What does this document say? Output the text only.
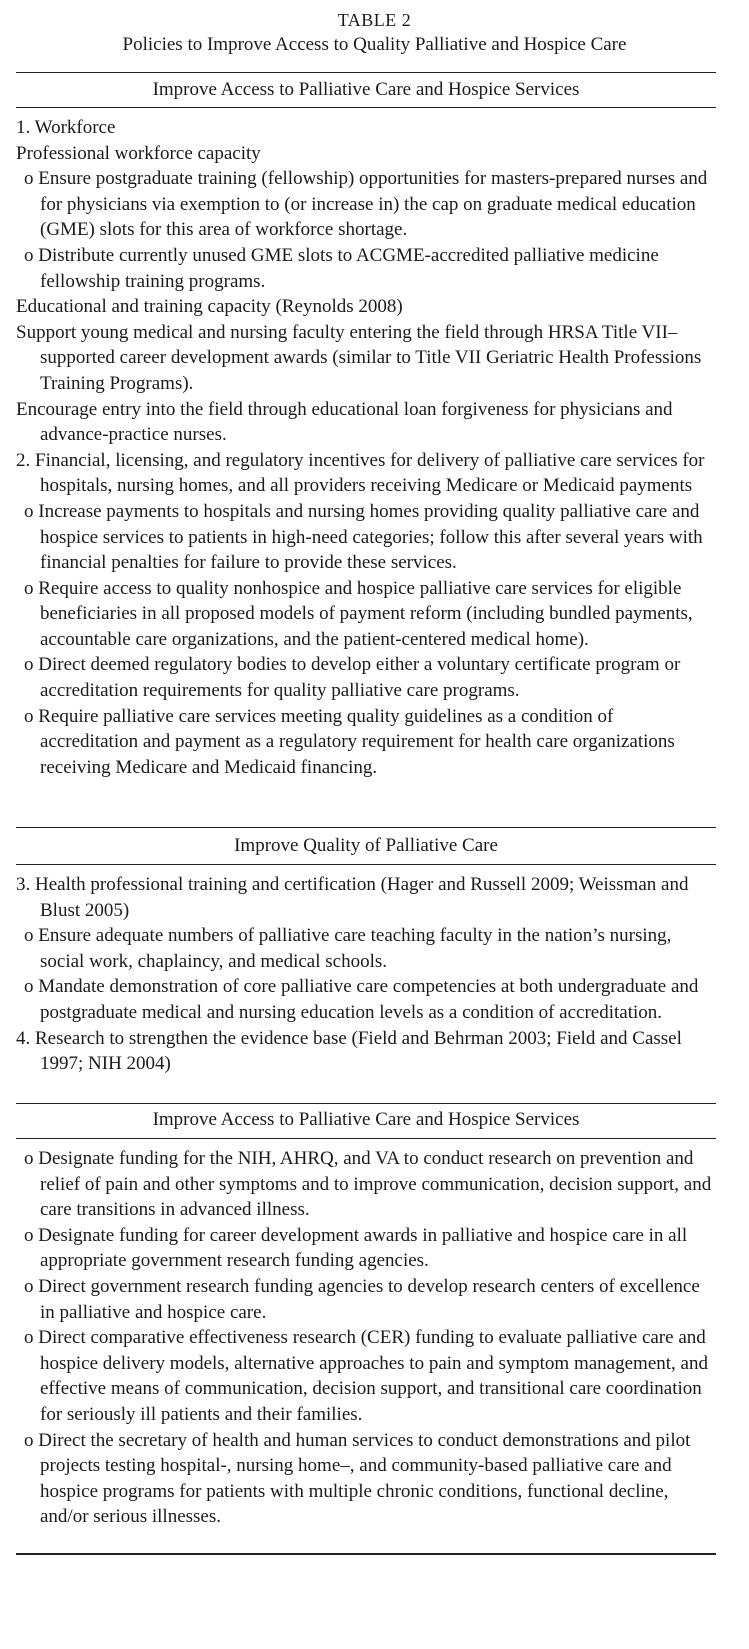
TABLE 2
Policies to Improve Access to Quality Palliative and Hospice Care
Improve Access to Palliative Care and Hospice Services

1. Workforce

Professional workforce capacity

o Ensure postgraduate training (fellowship) opportunities for masters-prepared nurses and for physicians via exemption to (or increase in) the cap on graduate medical education (GME) slots for this area of workforce shortage.

o Distribute currently unused GME slots to ACGME-accredited palliative medicine fellowship training programs.

Educational and training capacity (Reynolds 2008)

Support young medical and nursing faculty entering the field through HRSA Title VII–supported career development awards (similar to Title VII Geriatric Health Professions Training Programs).

Encourage entry into the field through educational loan forgiveness for physicians and advance-practice nurses.

2. Financial, licensing, and regulatory incentives for delivery of palliative care services for hospitals, nursing homes, and all providers receiving Medicare or Medicaid payments

o Increase payments to hospitals and nursing homes providing quality palliative care and hospice services to patients in high-need categories; follow this after several years with financial penalties for failure to provide these services.

o Require access to quality nonhospice and hospice palliative care services for eligible beneficiaries in all proposed models of payment reform (including bundled payments, accountable care organizations, and the patient-centered medical home).

o Direct deemed regulatory bodies to develop either a voluntary certificate program or accreditation requirements for quality palliative care programs.

o Require palliative care services meeting quality guidelines as a condition of accreditation and payment as a regulatory requirement for health care organizations receiving Medicare and Medicaid financing.

Improve Quality of Palliative Care

3. Health professional training and certification (Hager and Russell 2009; Weissman and Blust 2005)

o Ensure adequate numbers of palliative care teaching faculty in the nation’s nursing, social work, chaplaincy, and medical schools.

o Mandate demonstration of core palliative care competencies at both undergraduate and postgraduate medical and nursing education levels as a condition of accreditation.

4. Research to strengthen the evidence base (Field and Behrman 2003; Field and Cassel 1997; NIH 2004)

Improve Access to Palliative Care and Hospice Services

o Designate funding for the NIH, AHRQ, and VA to conduct research on prevention and relief of pain and other symptoms and to improve communication, decision support, and care transitions in advanced illness.

o Designate funding for career development awards in palliative and hospice care in all appropriate government research funding agencies.

o Direct government research funding agencies to develop research centers of excellence in palliative and hospice care.

o Direct comparative effectiveness research (CER) funding to evaluate palliative care and hospice delivery models, alternative approaches to pain and symptom management, and effective means of communication, decision support, and transitional care coordination for seriously ill patients and their families.

o Direct the secretary of health and human services to conduct demonstrations and pilot projects testing hospital-, nursing home–, and community-based palliative care and hospice programs for patients with multiple chronic conditions, functional decline, and/or serious illnesses.
